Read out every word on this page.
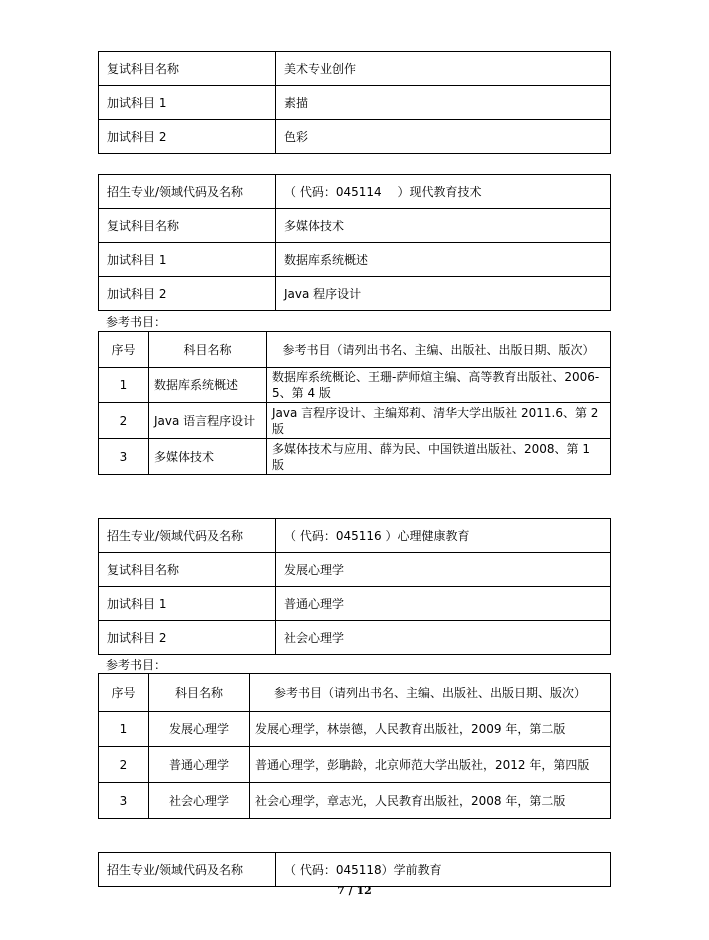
复试科目名称	美术专业创作
加试科目 1	素描
加试科目 2	色彩
招生专业/领域代码及名称	（ 代码：045114　 ）现代教育技术
复试科目名称	多媒体技术
加试科目 1	数据库系统概述
加试科目 2	Java 程序设计
参考书目：
序号	科目名称	参考书目（请列出书名、主编、出版社、出版日期、版次）
1	数据库系统概述	数据库系统概论、王珊-萨师煊主编、高等教育出版社、2006-5、第 4 版
2	Java 语言程序设计	Java 言程序设计、主编郑莉、清华大学出版社 2011.6、第 2 版
3	多媒体技术	多媒体技术与应用、薛为民、中国铁道出版社、2008、第 1 版
招生专业/领域代码及名称	（ 代码：045116 ）心理健康教育
复试科目名称	发展心理学
加试科目 1	普通心理学
加试科目 2	社会心理学
参考书目：
序号	科目名称	参考书目（请列出书名、主编、出版社、出版日期、版次）
1	发展心理学	发展心理学，林崇德，人民教育出版社，2009 年，第二版
2	普通心理学	普通心理学，彭聃龄，北京师范大学出版社，2012 年，第四版
3	社会心理学	社会心理学，章志光，人民教育出版社，2008 年，第二版
招生专业/领域代码及名称	（ 代码：045118）学前教育
7 / 12
